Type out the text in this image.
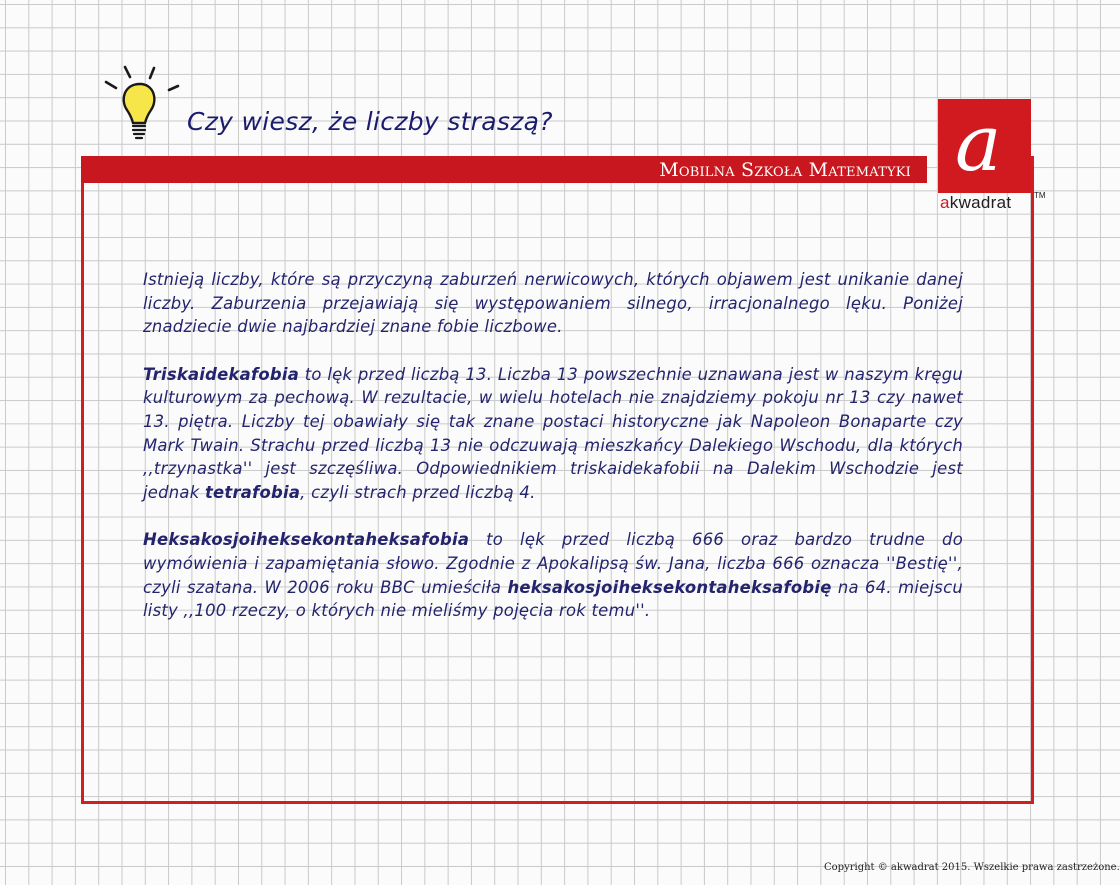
Czy wiesz, że liczby straszą?
Mobilna Szkoła Matematyki a
akwadrat	TM

Istnieją liczby, które są przyczyną zaburzeń nerwicowych, których objawem jest unikanie danej liczby. Zaburzenia przejawiają się występowaniem silnego, irracjonalnego lęku. Poniżej znadziecie dwie najbardziej znane fobie liczbowe.

Triskaidekafobia to lęk przed liczbą 13. Liczba 13 powszechnie uznawana jest w naszym kręgu kulturowym za pechową. W rezultacie, w wielu hotelach nie znajdziemy pokoju nr 13 czy nawet 13. piętra. Liczby tej obawiały się tak znane postaci historyczne jak Napoleon Bonaparte czy Mark Twain. Strachu przed liczbą 13 nie odczuwają mieszkańcy Dalekiego Wschodu, dla których ,,trzynastka'' jest szczęśliwa. Odpowiednikiem triskaidekafobii na Dalekim Wschodzie jest jednak tetrafobia, czyli strach przed liczbą 4.

Heksakosjoiheksekontaheksafobia to lęk przed liczbą 666 oraz bardzo trudne do wymówienia i zapamiętania słowo. Zgodnie z Apokalipsą św. Jana, liczba 666 oznacza ''Bestię'', czyli szatana. W 2006 roku BBC umieściła heksakosjoiheksekontaheksafobię na 64. miejscu listy ,,100 rzeczy, o których nie mieliśmy pojęcia rok temu''.

Copyright © akwadrat 2015. Wszelkie prawa zastrzeżone.
